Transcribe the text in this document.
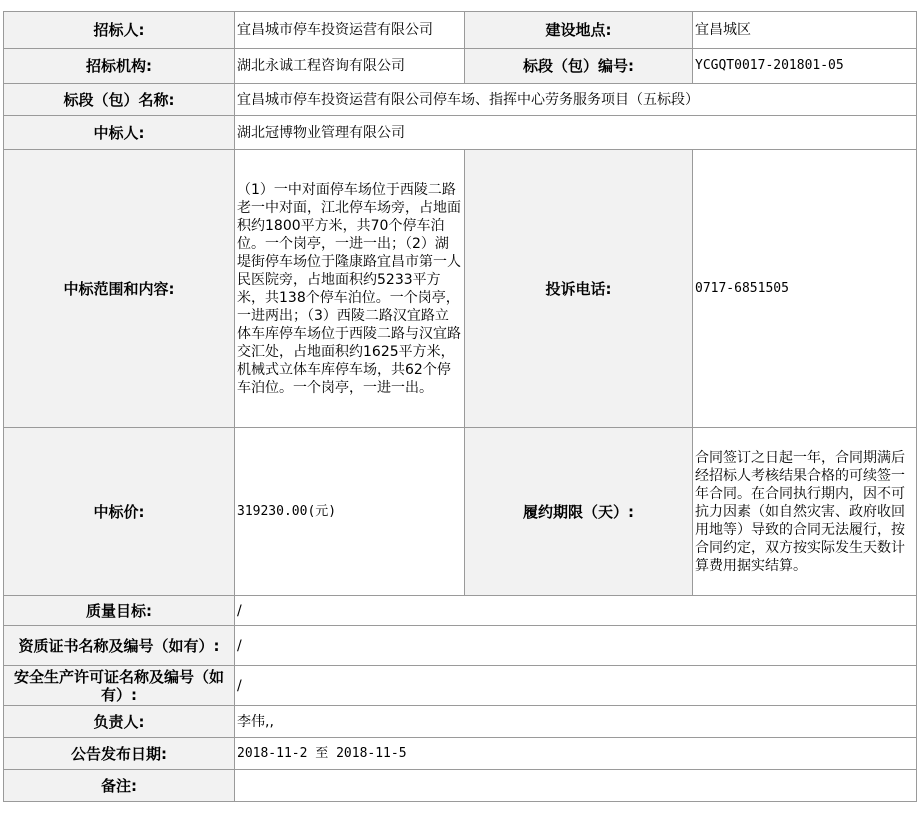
招标人:	宜昌城市停车投资运营有限公司	建设地点:	宜昌城区
招标机构:	湖北永诚工程咨询有限公司	标段（包）编号:	YCGQT0017-201801-05
标段（包）名称:	宜昌城市停车投资运营有限公司停车场、指挥中心劳务服务项目（五标段）		
中标人:	湖北冠博物业管理有限公司		
中标范围和内容:	（1）一中对面停车场位于西陵二路老一中对面，江北停车场旁，占地面积约1800平方米，共70个停车泊位。一个岗亭，一进一出；（2）湖堤街停车场位于隆康路宜昌市第一人民医院旁，占地面积约5233平方米，共138个停车泊位。一个岗亭，一进两出；（3）西陵二路汉宜路立体车库停车场位于西陵二路与汉宜路交汇处，占地面积约1625平方米，机械式立体车库停车场，共62个停车泊位。一个岗亭，一进一出。	投诉电话:	0717-6851505
中标价:	319230.00(元)	履约期限（天）:	合同签订之日起一年，合同期满后经招标人考核结果合格的可续签一年合同。在合同执行期内，因不可抗力因素（如自然灾害、政府收回用地等）导致的合同无法履行，按合同约定，双方按实际发生天数计算费用据实结算。
质量目标:	/		
资质证书名称及编号（如有）:	/		
安全生产许可证名称及编号（如有）:	/		
负责人:	李伟,,		
公告发布日期:	2018-11-2 至 2018-11-5		
备注:			
